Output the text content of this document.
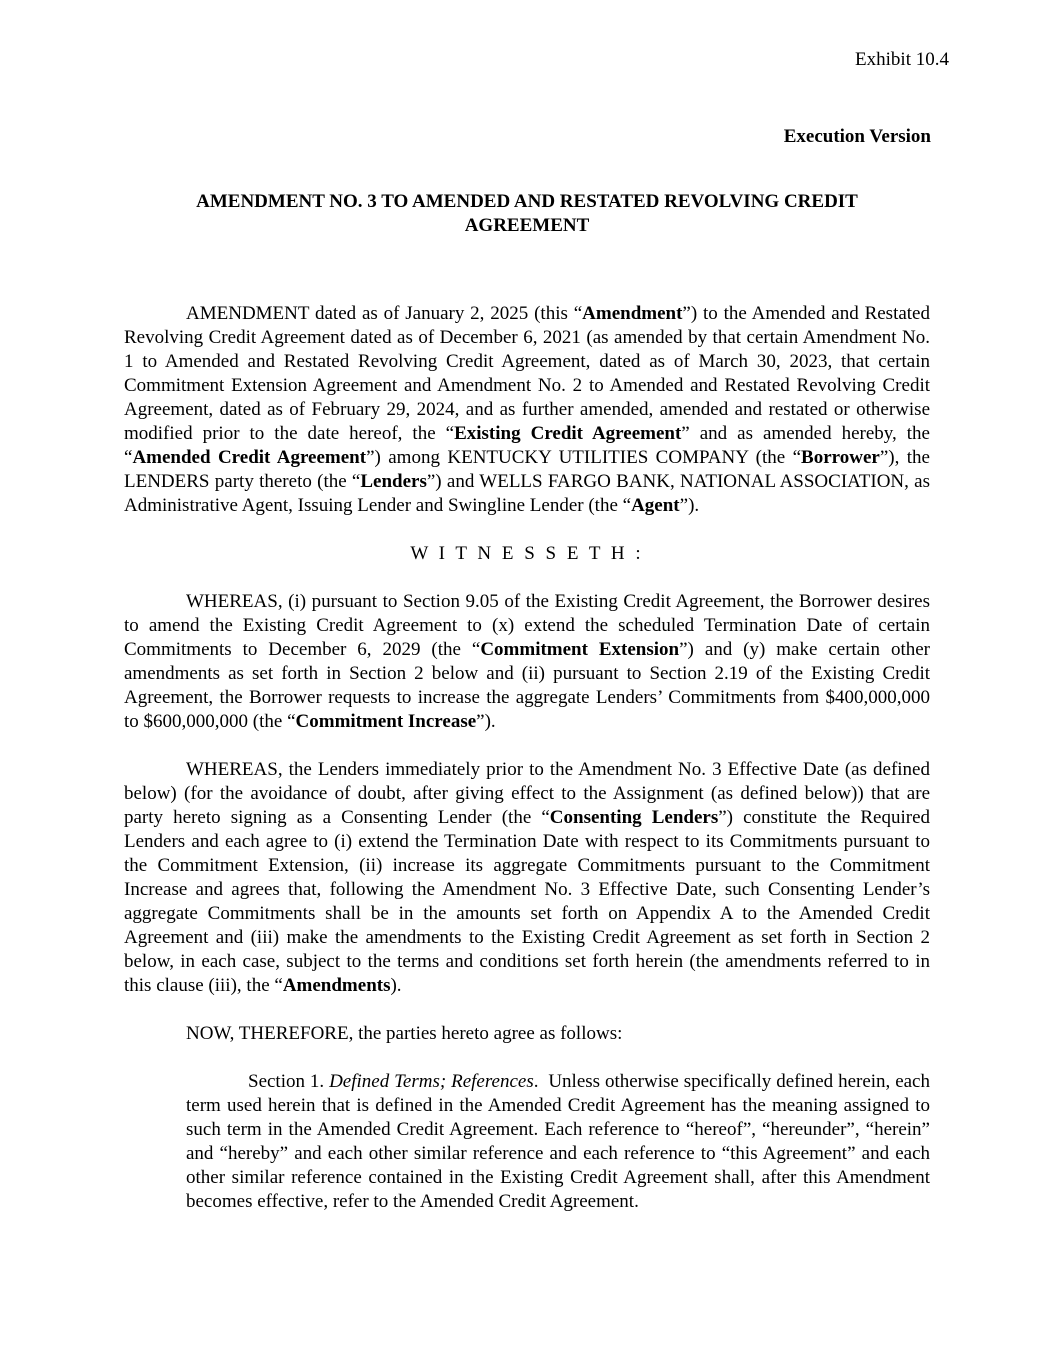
Exhibit 10.4
Execution Version
AMENDMENT NO. 3 TO AMENDED AND RESTATED REVOLVING CREDIT
AGREEMENT

AMENDMENT dated as of January 2, 2025 (this “Amendment”) to the Amended and Restated Revolving Credit Agreement dated as of December 6, 2021 (as amended by that certain Amendment No. 1 to Amended and Restated Revolving Credit Agreement, dated as of March 30, 2023, that certain Commitment Extension Agreement and Amendment No. 2 to Amended and Restated Revolving Credit Agreement, dated as of February 29, 2024, and as further amended, amended and restated or otherwise modified prior to the date hereof, the “Existing Credit Agreement” and as amended hereby, the “Amended Credit Agreement”) among KENTUCKY UTILITIES COMPANY (the “Borrower”), the LENDERS party thereto (the “Lenders”) and WELLS FARGO BANK, NATIONAL ASSOCIATION, as Administrative Agent, Issuing Lender and Swingline Lender (the “Agent”).

W I T N E S S E T H :

WHEREAS, (i) pursuant to Section 9.05 of the Existing Credit Agreement, the Borrower desires to amend the Existing Credit Agreement to (x) extend the scheduled Termination Date of certain Commitments to December 6, 2029 (the “Commitment Extension”) and (y) make certain other amendments as set forth in Section 2 below and (ii) pursuant to Section 2.19 of the Existing Credit Agreement, the Borrower requests to increase the aggregate Lenders’ Commitments from $400,000,000 to $600,000,000 (the “Commitment Increase”).

WHEREAS, the Lenders immediately prior to the Amendment No. 3 Effective Date (as defined below) (for the avoidance of doubt, after giving effect to the Assignment (as defined below)) that are party hereto signing as a Consenting Lender (the “Consenting Lenders”) constitute the Required Lenders and each agree to (i) extend the Termination Date with respect to its Commitments pursuant to the Commitment Extension, (ii) increase its aggregate Commitments pursuant to the Commitment Increase and agrees that, following the Amendment No. 3 Effective Date, such Consenting Lender’s aggregate Commitments shall be in the amounts set forth on Appendix A to the Amended Credit Agreement and (iii) make the amendments to the Existing Credit Agreement as set forth in Section 2 below, in each case, subject to the terms and conditions set forth herein (the amendments referred to in this clause (iii), the “Amendments).

NOW, THEREFORE, the parties hereto agree as follows:

Section 1. Defined Terms; References. Unless otherwise specifically defined herein, each term used herein that is defined in the Amended Credit Agreement has the meaning assigned to such term in the Amended Credit Agreement. Each reference to “hereof”, “hereunder”, “herein” and “hereby” and each other similar reference and each reference to “this Agreement” and each other similar reference contained in the Existing Credit Agreement shall, after this Amendment becomes effective, refer to the Amended Credit Agreement.
